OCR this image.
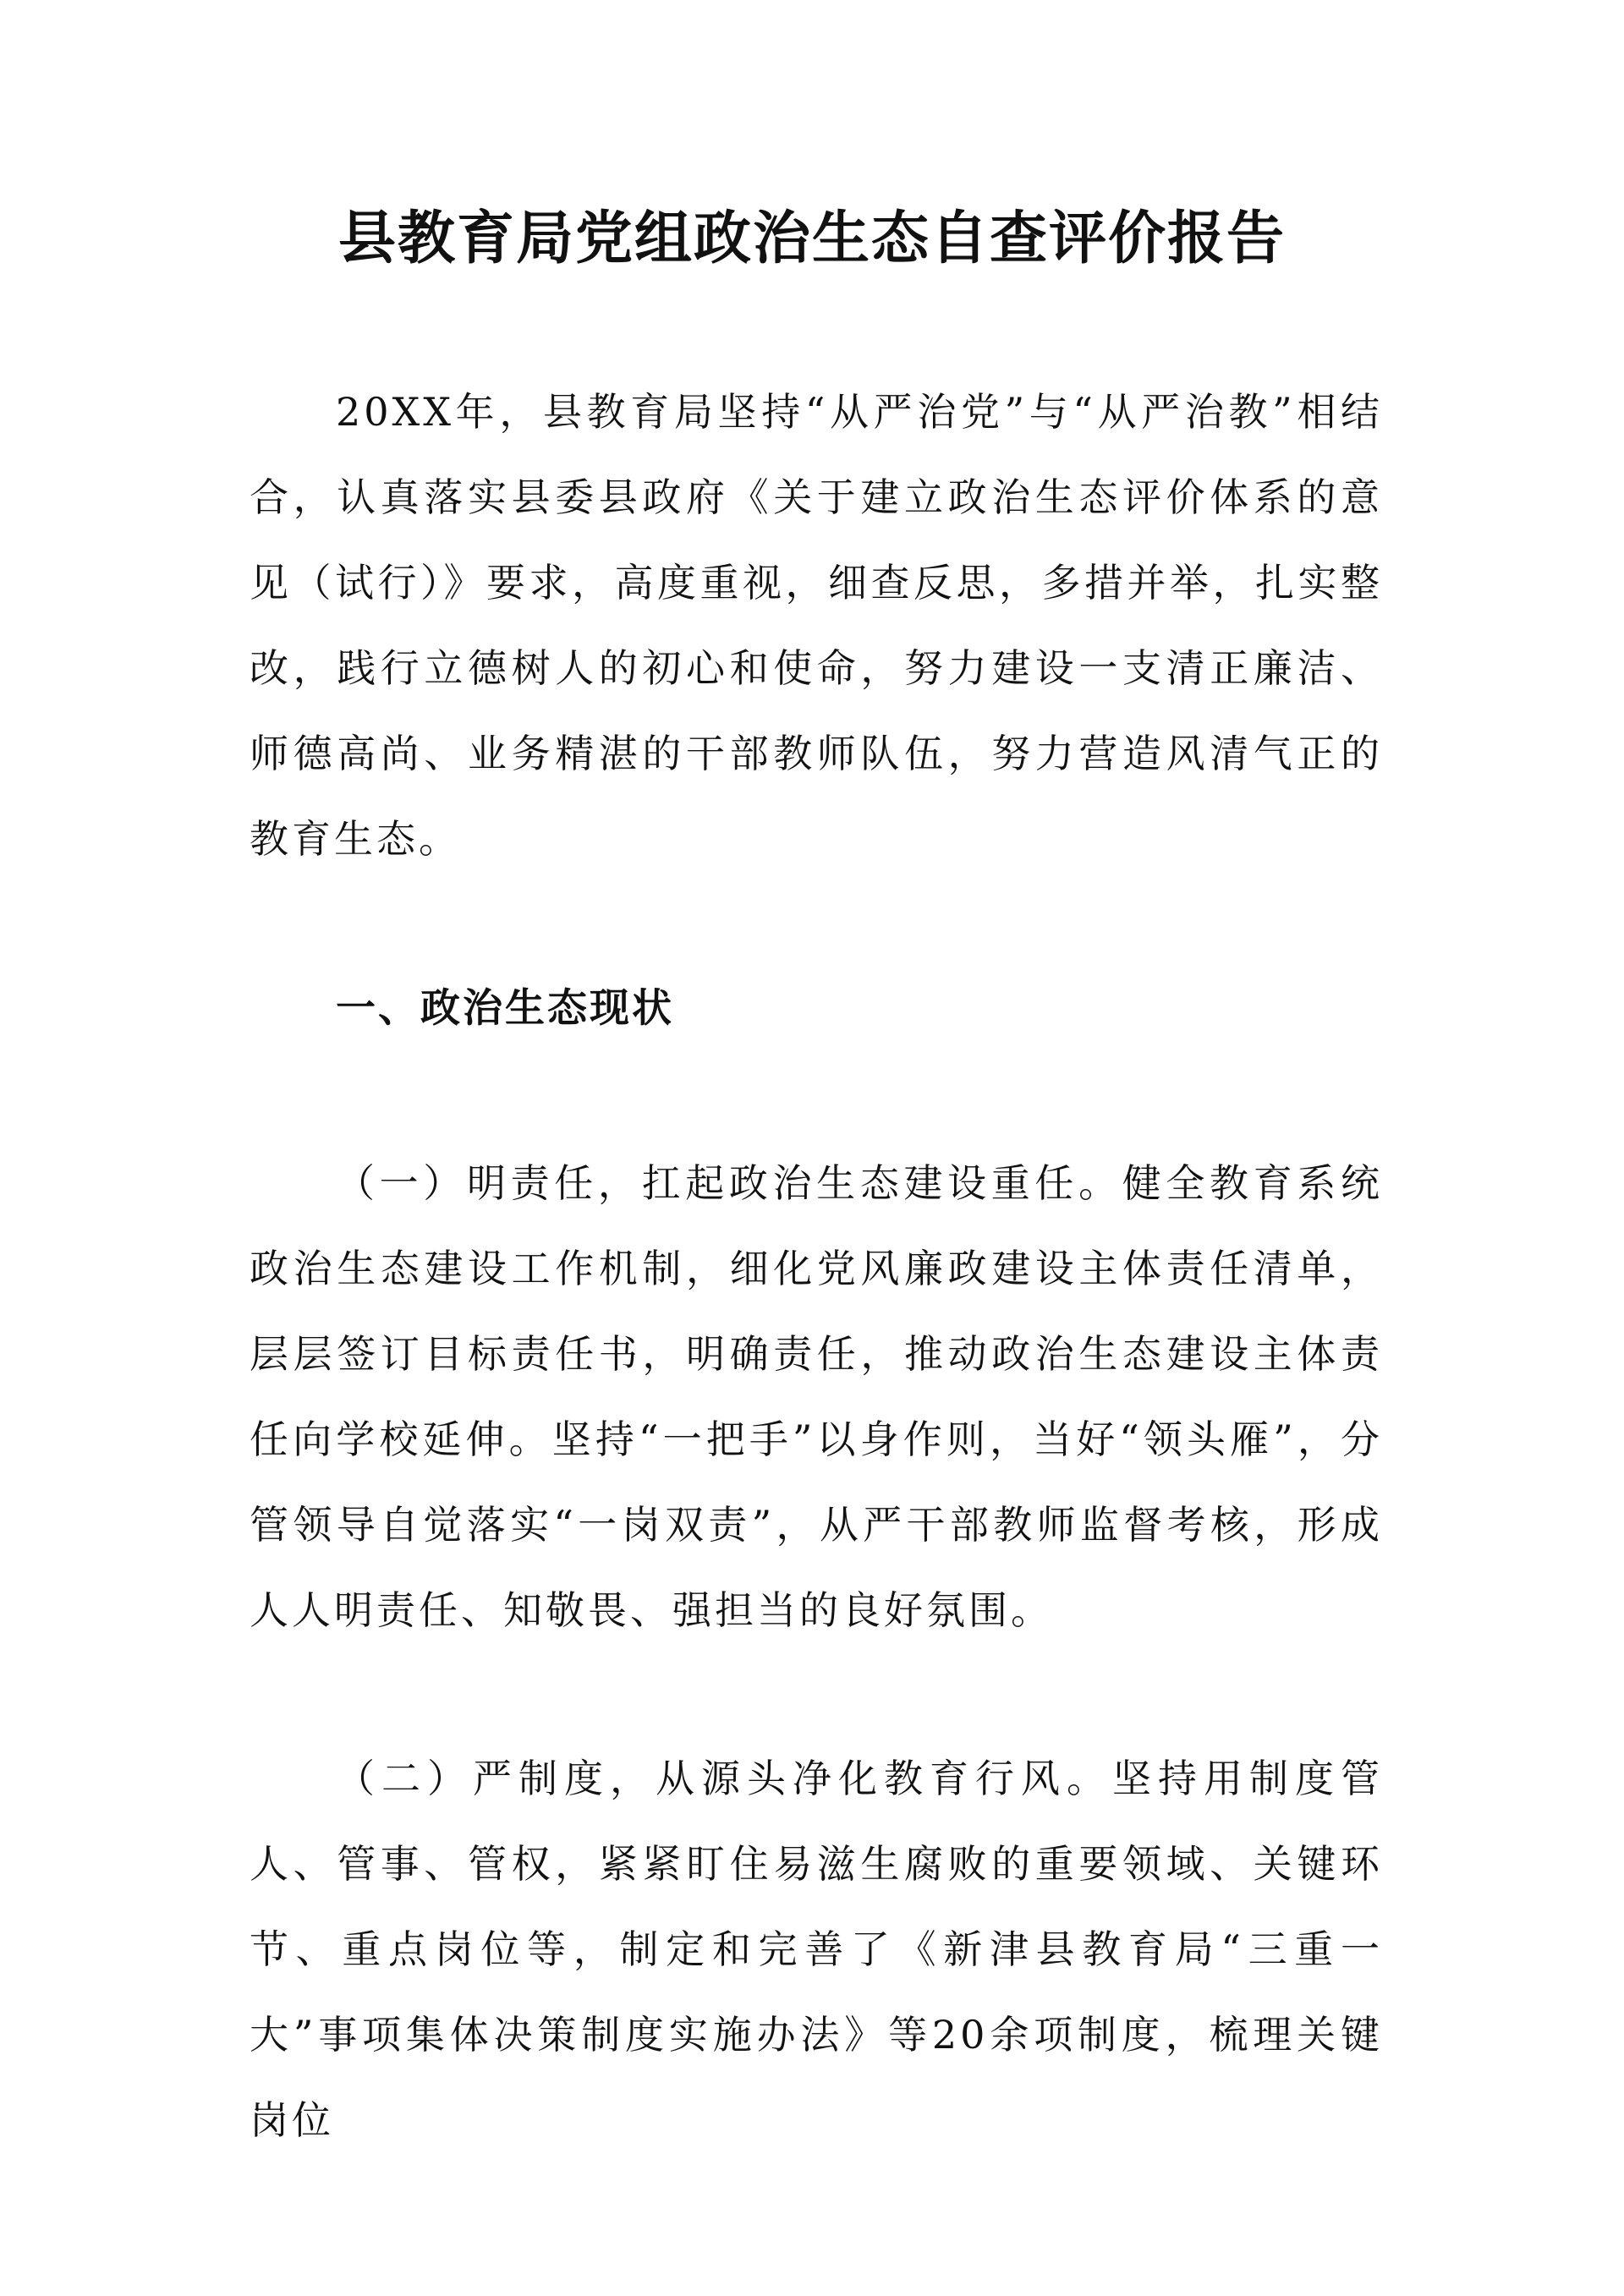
县教育局党组政治生态自查评价报告

20XX年，县教育局坚持“从严治党”与“从严治教”相结合，认真落实县委县政府《关于建立政治生态评价体系的意见（试行）》要求，高度重视，细查反思，多措并举，扎实整改，践行立德树人的初心和使命，努力建设一支清正廉洁、师德高尚、业务精湛的干部教师队伍，努力营造风清气正的教育生态。

一、政治生态现状

（一）明责任，扛起政治生态建设重任。健全教育系统政治生态建设工作机制，细化党风廉政建设主体责任清单，层层签订目标责任书，明确责任，推动政治生态建设主体责任向学校延伸。坚持“一把手”以身作则，当好“领头雁”，分管领导自觉落实“一岗双责”，从严干部教师监督考核，形成人人明责任、知敬畏、强担当的良好氛围。

（二）严制度，从源头净化教育行风。坚持用制度管人、管事、管权，紧紧盯住易滋生腐败的重要领域、关键环节、重点岗位等，制定和完善了《新津县教育局“三重一大”事项集体决策制度实施办法》等20余项制度，梳理关键岗位
